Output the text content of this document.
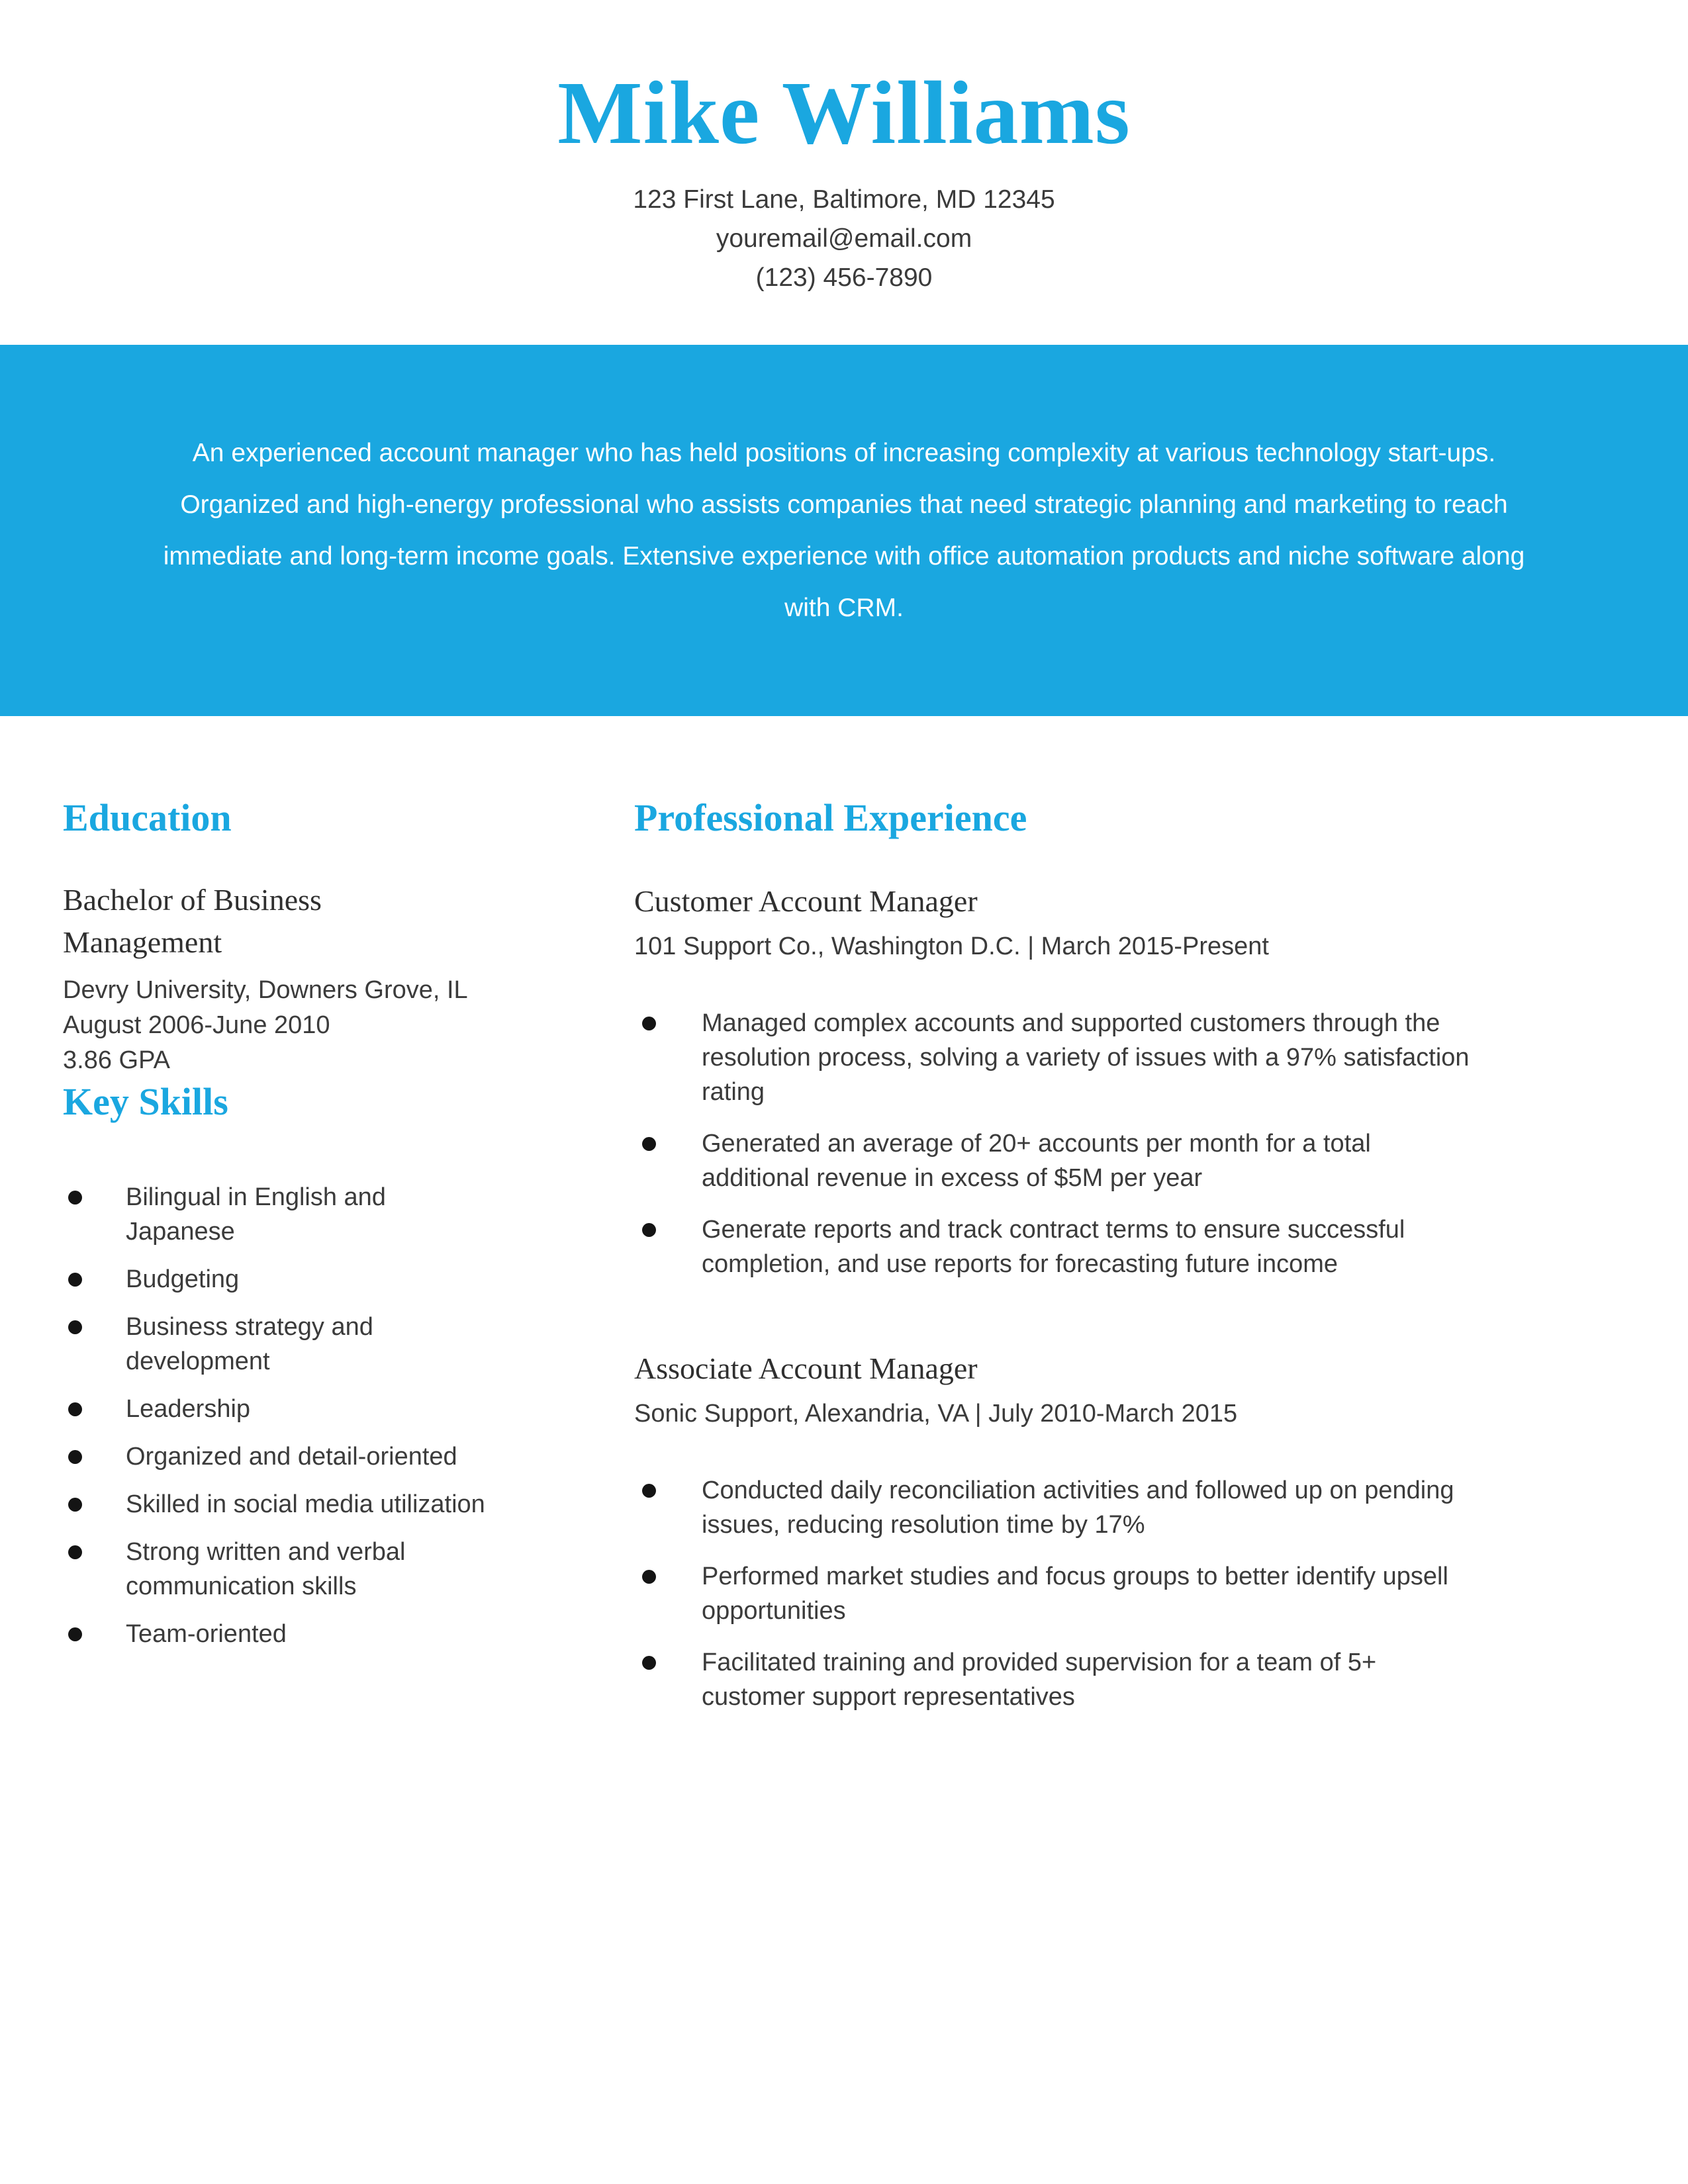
Mike Williams
123 First Lane, Baltimore, MD 12345
youremail@email.com
(123) 456-7890

An experienced account manager who has held positions of increasing complexity at various technology start-ups. Organized and high-energy professional who assists companies that need strategic planning and marketing to reach immediate and long-term income goals. Extensive experience with office automation products and niche software along with CRM.

Education
Bachelor of Business Management
Devry University, Downers Grove, IL
August 2006-June 2010
3.86 GPA
Key Skills
Bilingual in English and Japanese
Budgeting
Business strategy and development
Leadership
Organized and detail-oriented
Skilled in social media utilization
Strong written and verbal communication skills
Team-oriented
Professional Experience
Customer Account Manager
101 Support Co., Washington D.C. | March 2015-Present
Managed complex accounts and supported customers through the resolution process, solving a variety of issues with a 97% satisfaction rating
Generated an average of 20+ accounts per month for a total additional revenue in excess of $5M per year
Generate reports and track contract terms to ensure successful completion, and use reports for forecasting future income
Associate Account Manager
Sonic Support, Alexandria, VA | July 2010-March 2015
Conducted daily reconciliation activities and followed up on pending issues, reducing resolution time by 17%
Performed market studies and focus groups to better identify upsell opportunities
Facilitated training and provided supervision for a team of 5+ customer support representatives
